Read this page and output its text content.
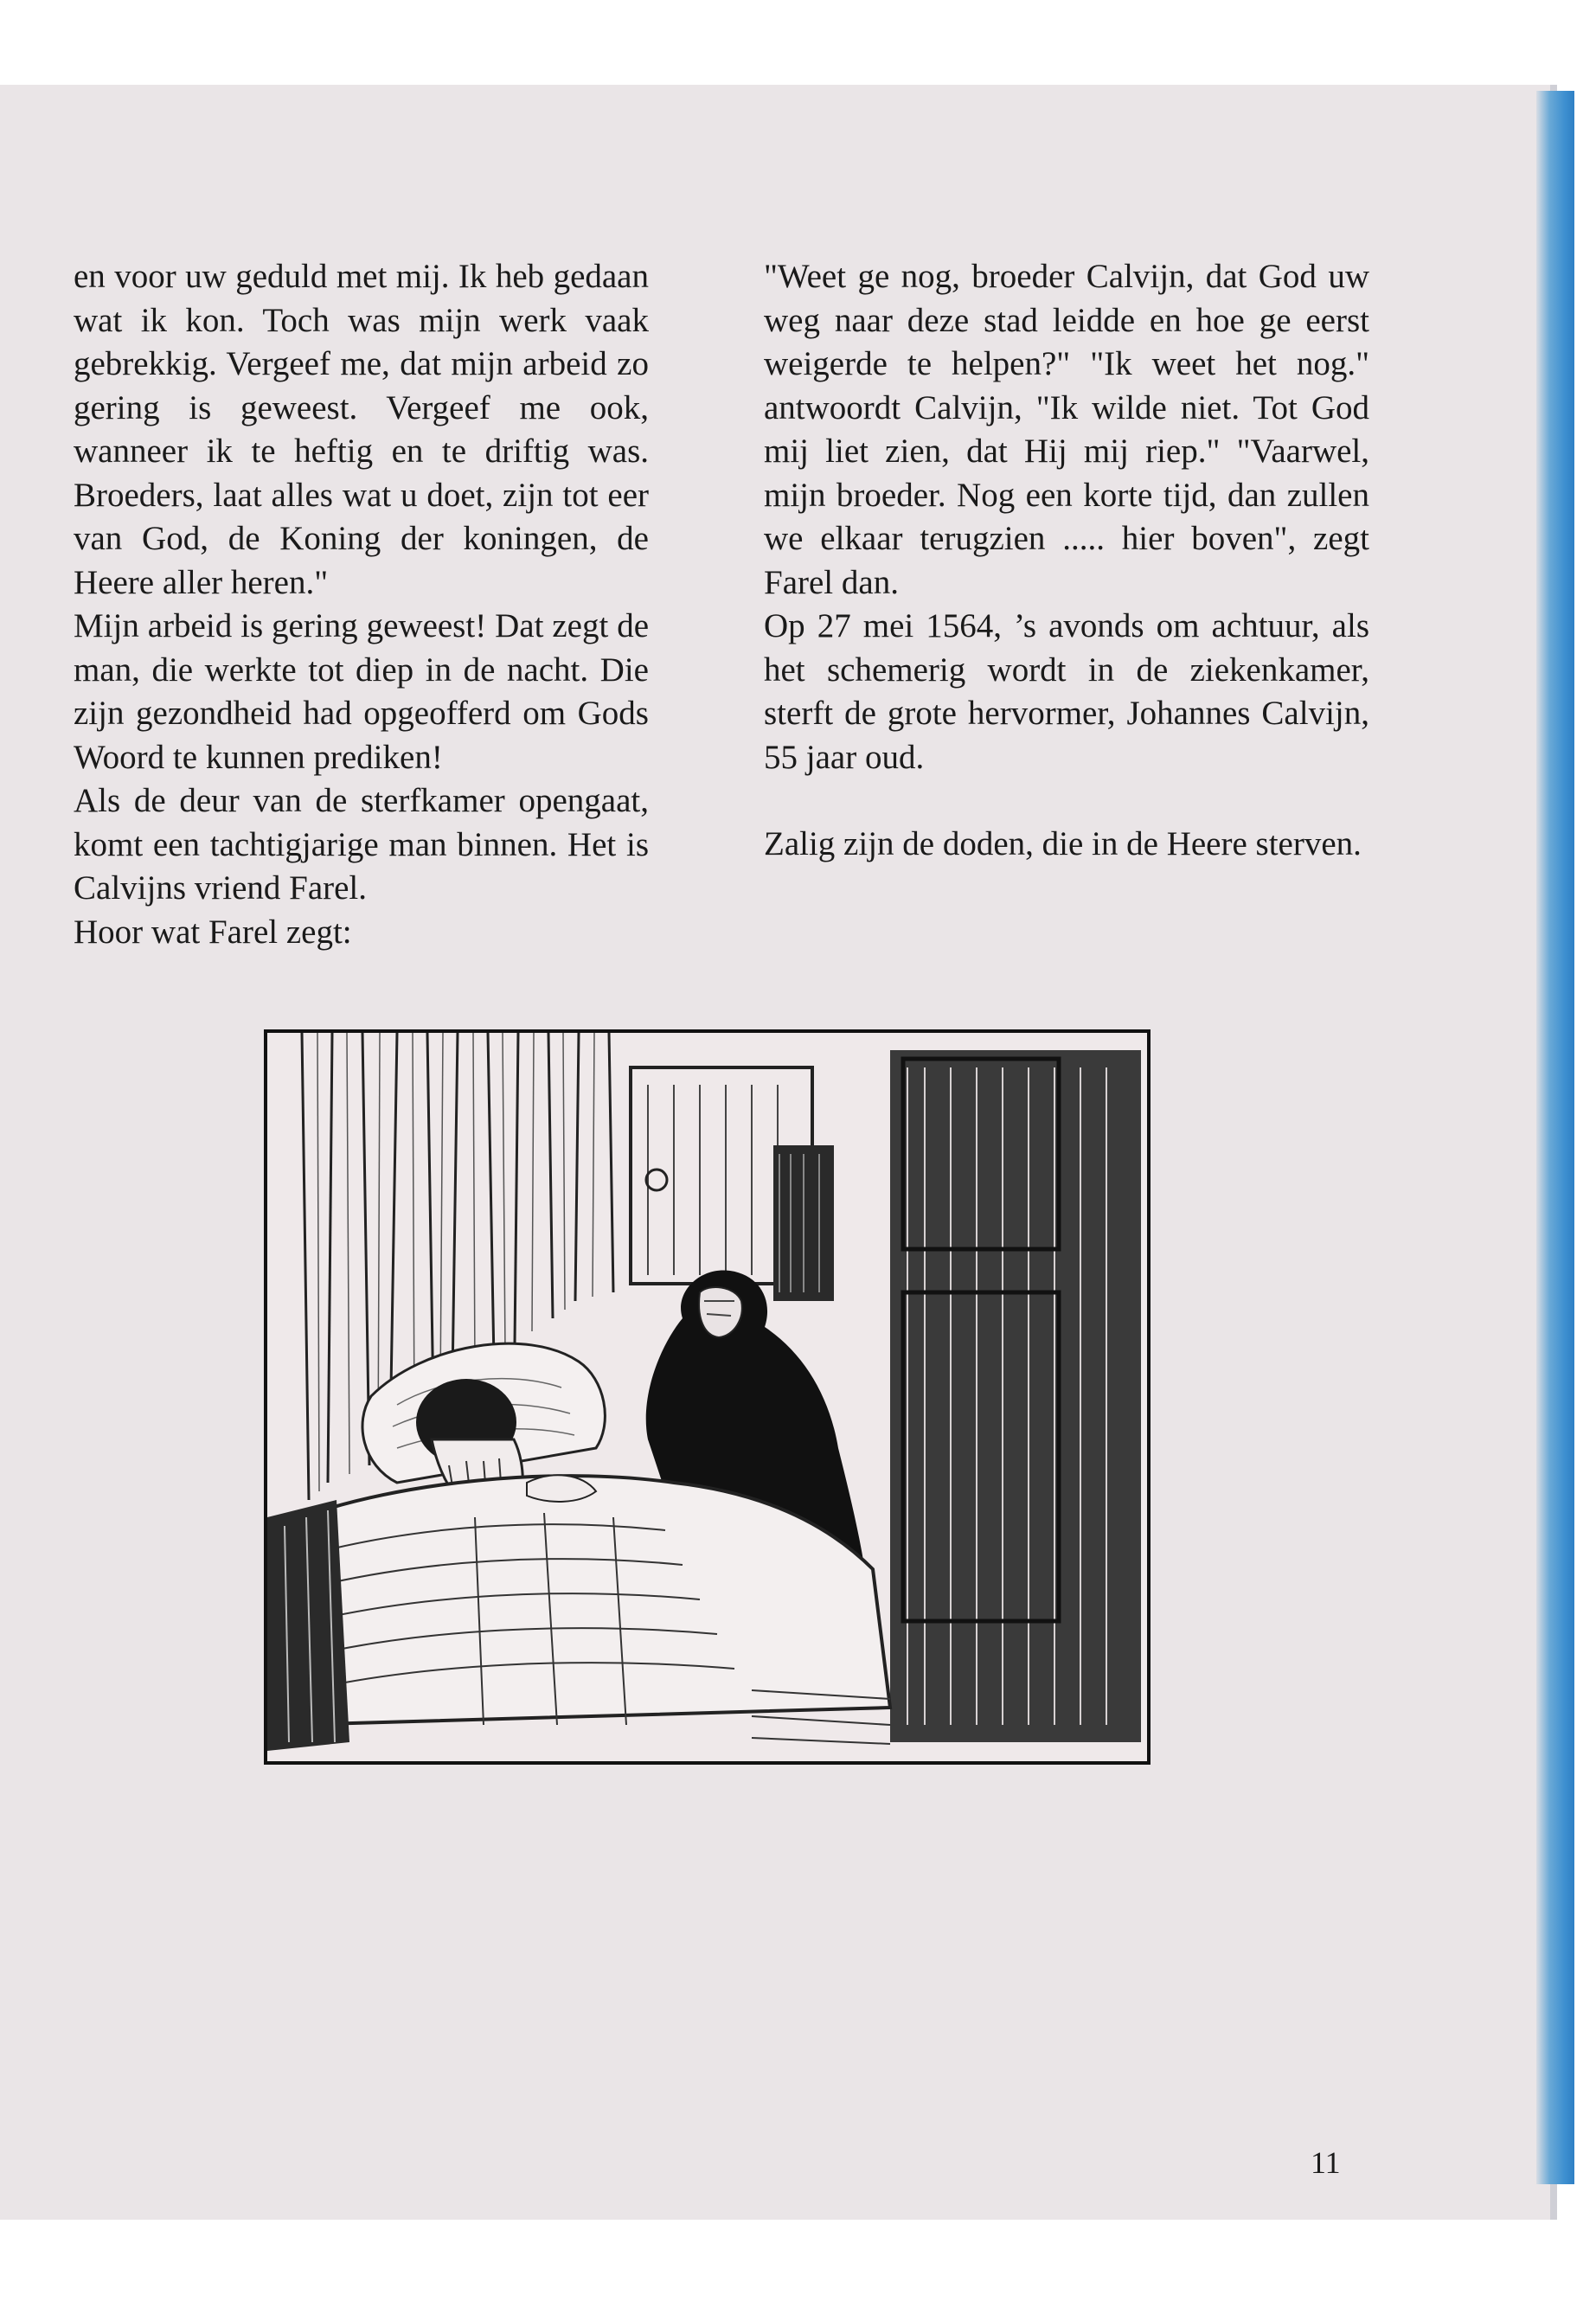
en voor uw geduld met mij. Ik heb gedaan wat ik kon. Toch was mijn werk vaak gebrekkig. Vergeef me, dat mijn arbeid zo gering is geweest. Vergeef me ook, wanneer ik te heftig en te driftig was. Broeders, laat alles wat u doet, zijn tot eer van God, de Koning der koningen, de Heere aller heren."

Mijn arbeid is gering geweest! Dat zegt de man, die werkte tot diep in de nacht. Die zijn gezondheid had opgeofferd om Gods Woord te kunnen prediken!

Als de deur van de sterfkamer opengaat, komt een tachtigjarige man binnen. Het is Calvijns vriend Farel.

Hoor wat Farel zegt:

"Weet ge nog, broeder Calvijn, dat God uw weg naar deze stad leidde en hoe ge eerst weigerde te helpen?" "Ik weet het nog." antwoordt Calvijn, "Ik wilde niet. Tot God mij liet zien, dat Hij mij riep." "Vaarwel, mijn broeder. Nog een korte tijd, dan zullen we elkaar terugzien ..... hier boven", zegt Farel dan.

Op 27 mei 1564, ’s avonds om achtuur, als het schemerig wordt in de ziekenkamer, sterft de grote hervormer, Johannes Calvijn, 55 jaar oud.

Zalig zijn de doden, die in de Heere sterven.

11
